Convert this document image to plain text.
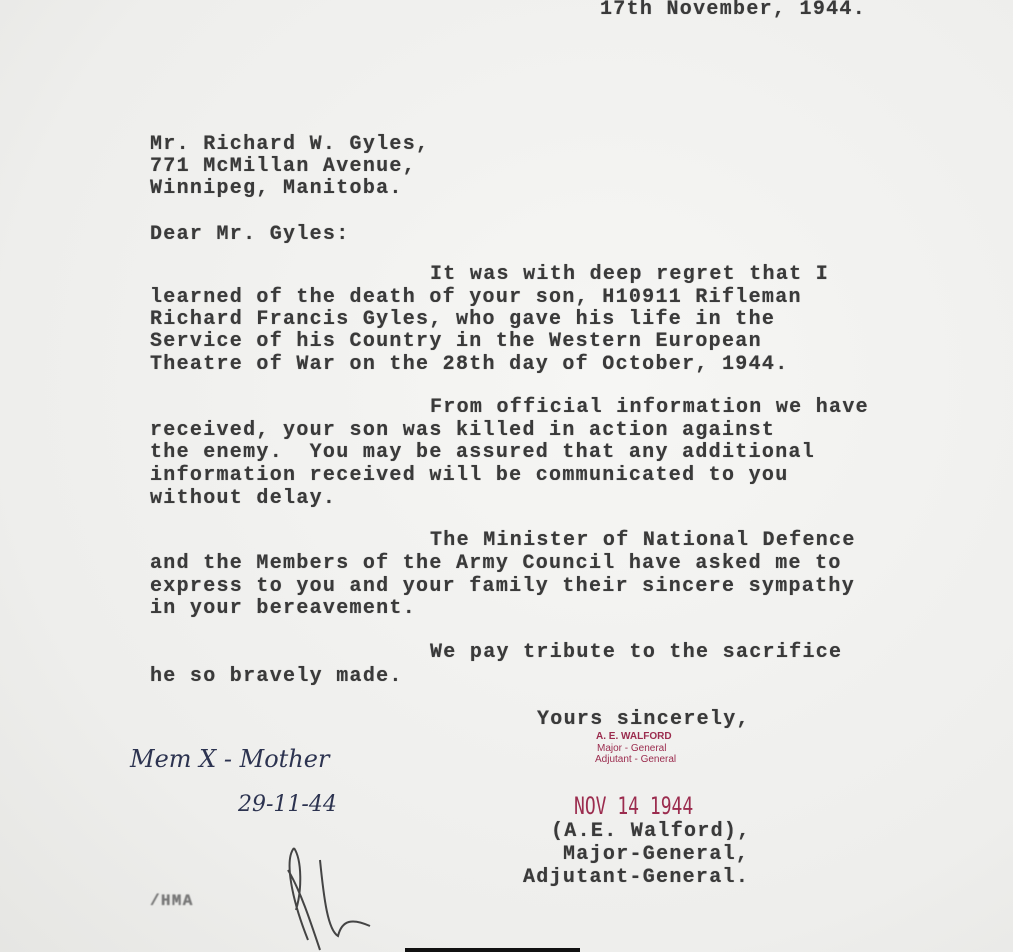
17th November, 1944.
Mr. Richard W. Gyles,
771 McMillan Avenue,
Winnipeg, Manitoba.
Dear Mr. Gyles:
It was with deep regret that I
learned of the death of your son, H10911 Rifleman
Richard Francis Gyles, who gave his life in the
Service of his Country in the Western European
Theatre of War on the 28th day of October, 1944.
From official information we have
received, your son was killed in action against
the enemy.  You may be assured that any additional
information received will be communicated to you
without delay.
The Minister of National Defence
and the Members of the Army Council have asked me to
express to you and your family their sincere sympathy
in your bereavement.
We pay tribute to the sacrifice
he so bravely made.
Yours sincerely,
A. E. WALFORD
Major - General
Adjutant - General
NOV 14 1944
(A.E. Walford),
Major-General,
Adjutant-General.
Mem X - Mother
29-11-44
/HMA
